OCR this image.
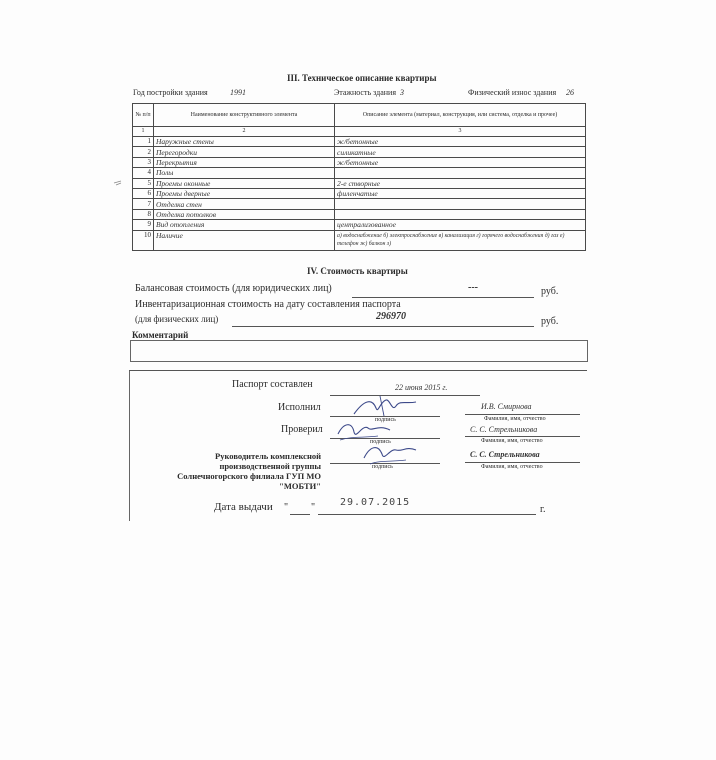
III. Техническое описание квартиры
Год постройки здания	1991	Этажность здания 3	Физический износ здания 26
№ п/п	Наименование конструктивного элемента	Описание элемента (материал, конструкция, или система, отделка и прочее)
1	2	3
1	Наружные стены	ж/бетонные
2	Перегородки	силикатные
3	Перекрытия	ж/бетонные
4	Полы	
5	Проемы оконные	2-е створные
6	Проемы дверные	филенчатые
7	Отделка стен	
8	Отделка потолков	
9	Вид отопления	централизованное
10	Наличие	а) водоснабжение б) электроснабжение в) канализация г) горячего водоснабжения д) газ е) телефон ж) балкон з)
IV. Стоимость квартиры
Балансовая стоимость (для юридических лиц)	---	руб.
Инвентаризационная стоимость на дату составления паспорта
(для физических лиц)	296970	руб.
Комментарий
Паспорт составлен	22 июня 2015 г.
Исполнил
подпись
И.В. Смирнова
Фамилия, имя, отчество
Проверил
подпись
С. С. Стрельникова
Фамилия, имя, отчество
Руководитель комплексной
производственной группы
Солнечногорского филиала ГУП МО
"МОБТИ"
подпись
С. С. Стрельникова
Фамилия, имя, отчество
Дата выдачи " " 29.07.2015
г.
